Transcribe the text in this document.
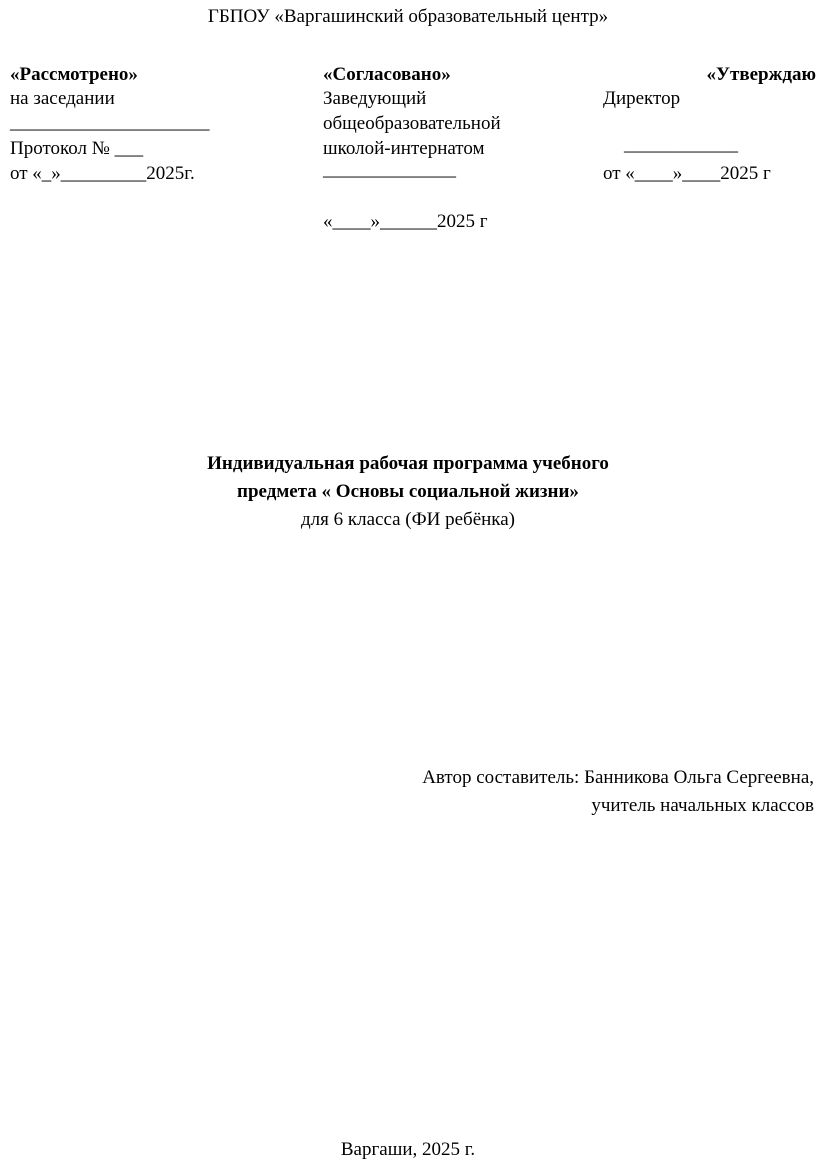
ГБПОУ «Варгашинский образовательный центр»
«Рассмотрено»
на заседании
_____________________
Протокол № ___
от «_»_________2025г.
«Согласовано»
Заведующий
общеобразовательной
школой-интернатом
______________
«____»______2025 г
«Утверждаю
Директор
____________
от «____»____2025 г
Индивидуальная рабочая программа учебного
предмета « Основы социальной жизни»
для 6 класса (ФИ ребёнка)
Автор составитель: Банникова Ольга Сергеевна,
учитель начальных классов
Варгаши, 2025 г.
